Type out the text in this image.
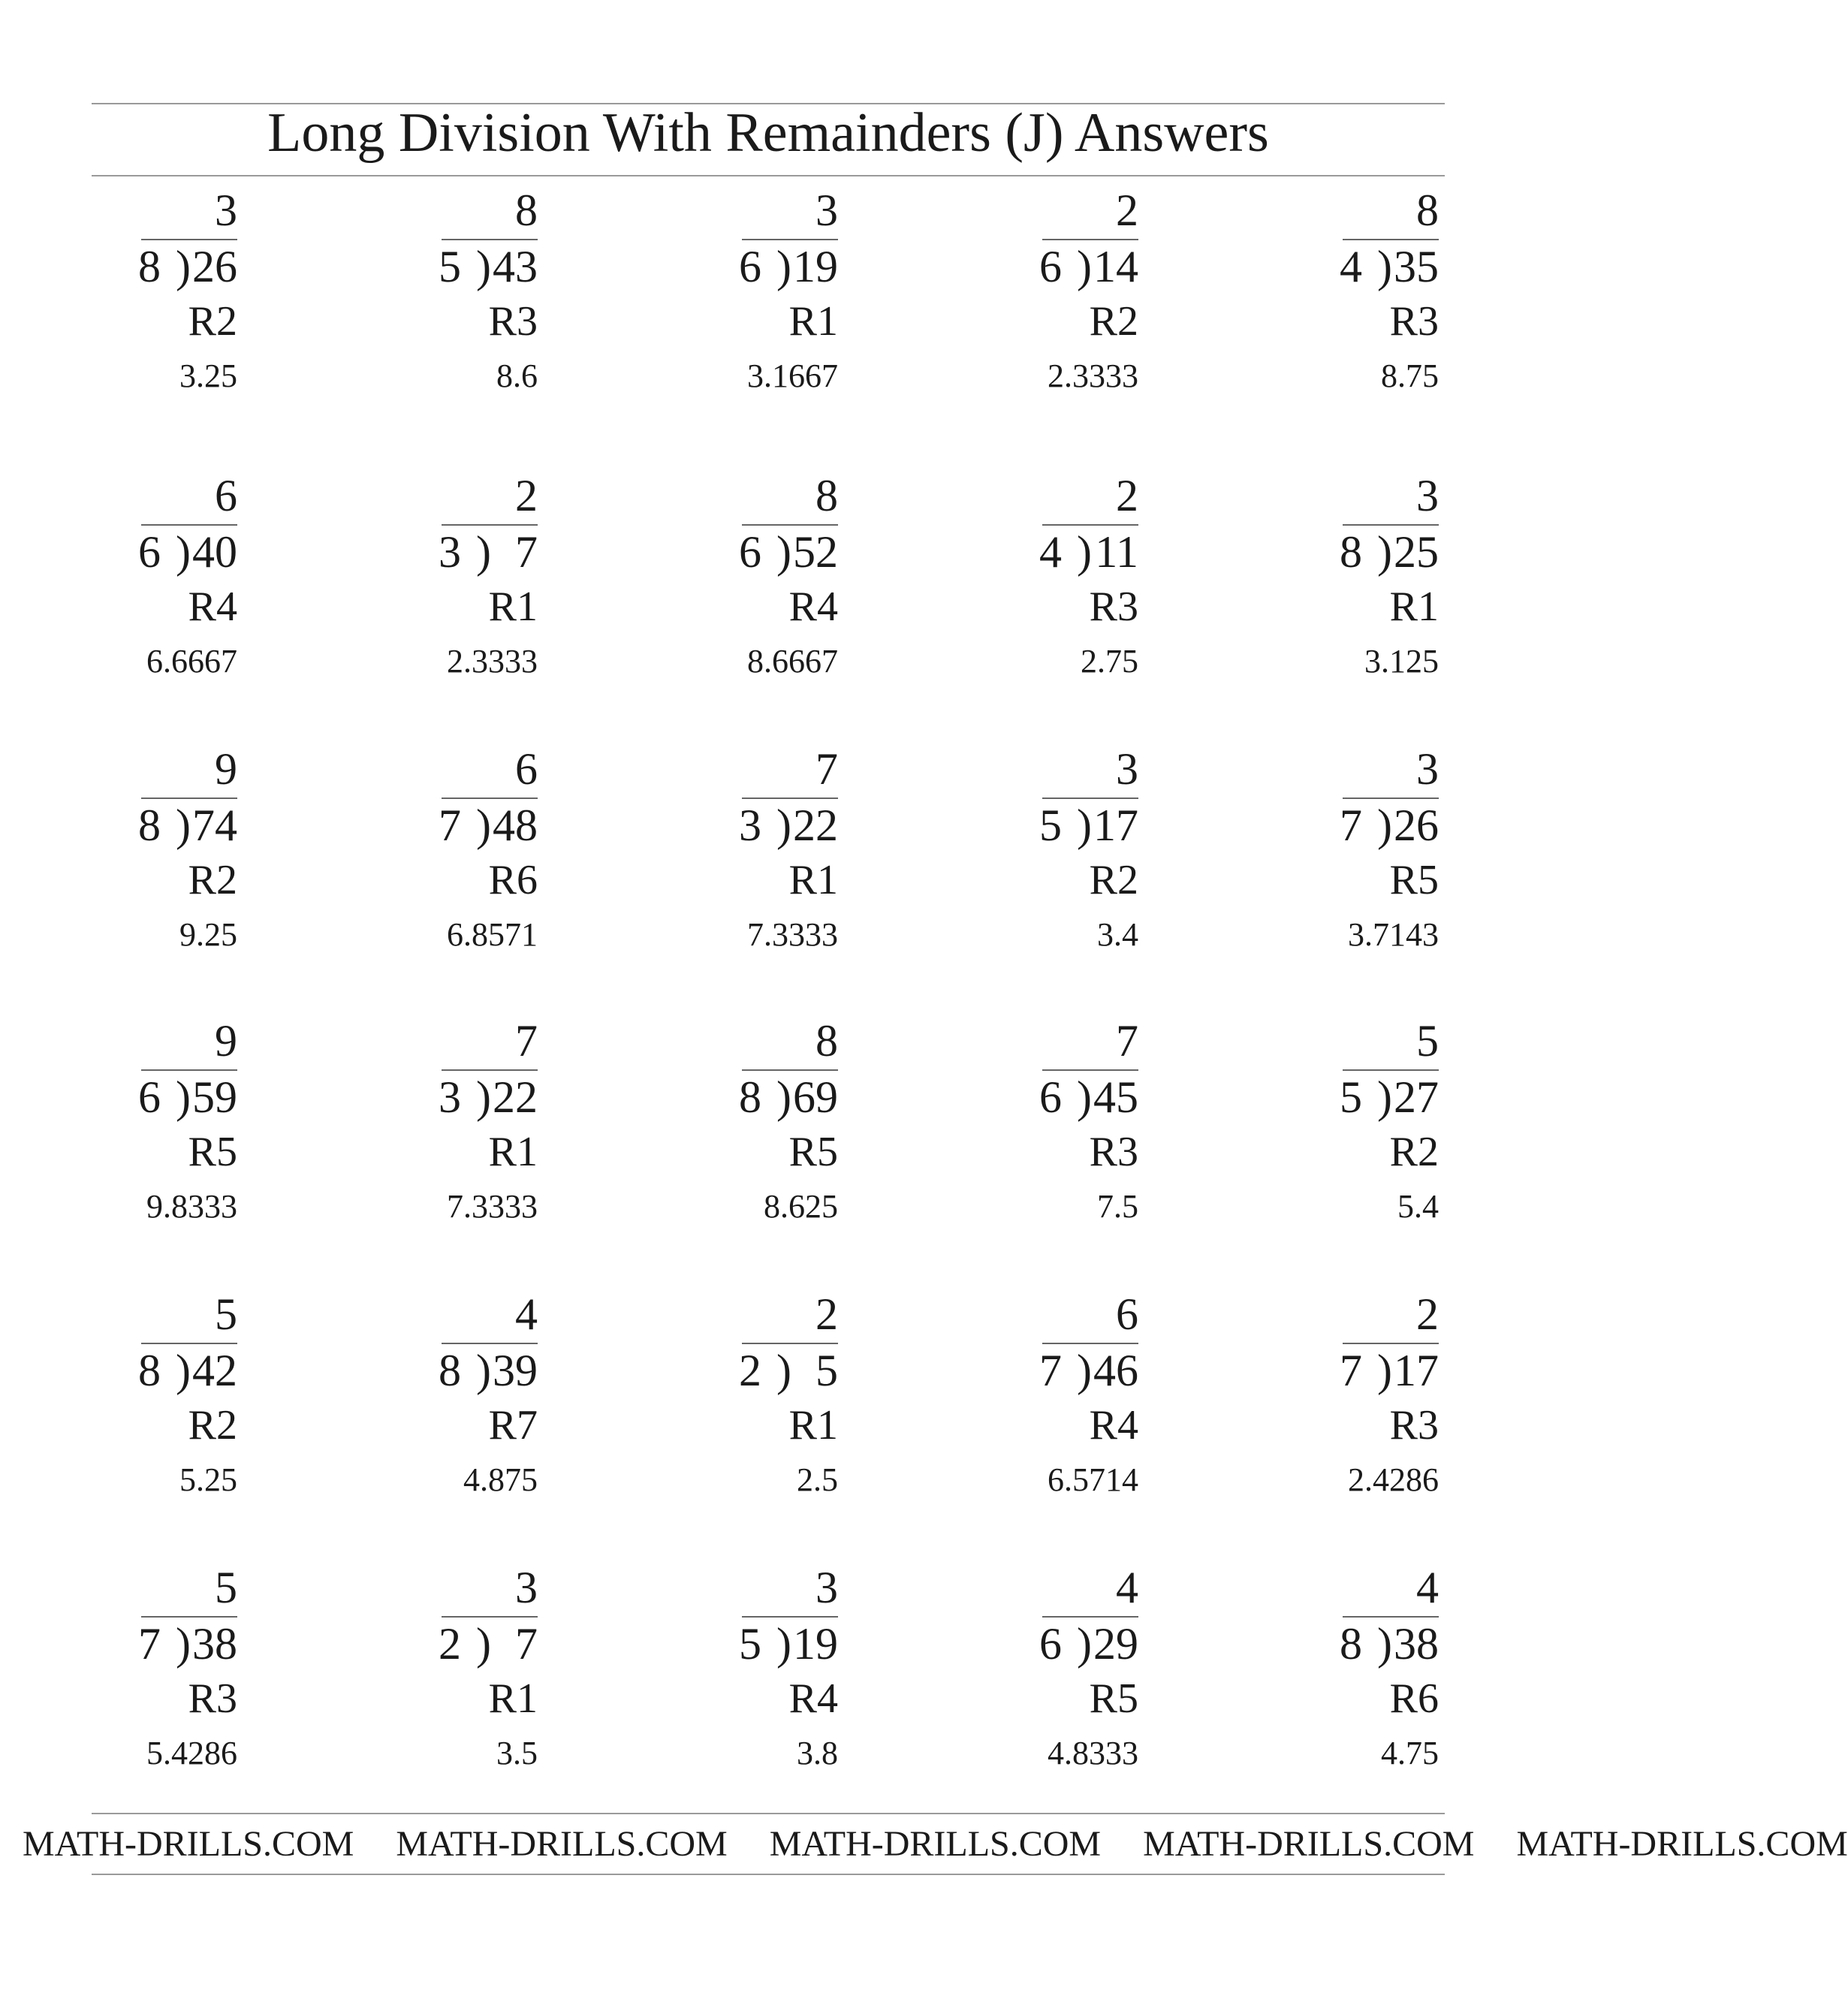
Long Division With Remainders (J) Answers
3
8 )26
R2
3.25
8
5 )43
R3
8.6
3
6 )19
R1
3.1667
2
6 )14
R2
2.3333
8
4 )35
R3
8.75
6
6 )40
R4
6.6667
2
3 ) 7
R1
2.3333
8
6 )52
R4
8.6667
2
4 )11
R3
2.75
3
8 )25
R1
3.125
9
8 )74
R2
9.25
6
7 )48
R6
6.8571
7
3 )22
R1
7.3333
3
5 )17
R2
3.4
3
7 )26
R5
3.7143
9
6 )59
R5
9.8333
7
3 )22
R1
7.3333
8
8 )69
R5
8.625
7
6 )45
R3
7.5
5
5 )27
R2
5.4
5
8 )42
R2
5.25
4
8 )39
R7
4.875
2
2 ) 5
R1
2.5
6
7 )46
R4
6.5714
2
7 )17
R3
2.4286
5
7 )38
R3
5.4286
3
2 ) 7
R1
3.5
3
5 )19
R4
3.8
4
6 )29
R5
4.8333
4
8 )38
R6
4.75
MATH-DRILLS.COM MATH-DRILLS.COM MATH-DRILLS.COM MATH-DRILLS.COM MATH-DRILLS.COM
